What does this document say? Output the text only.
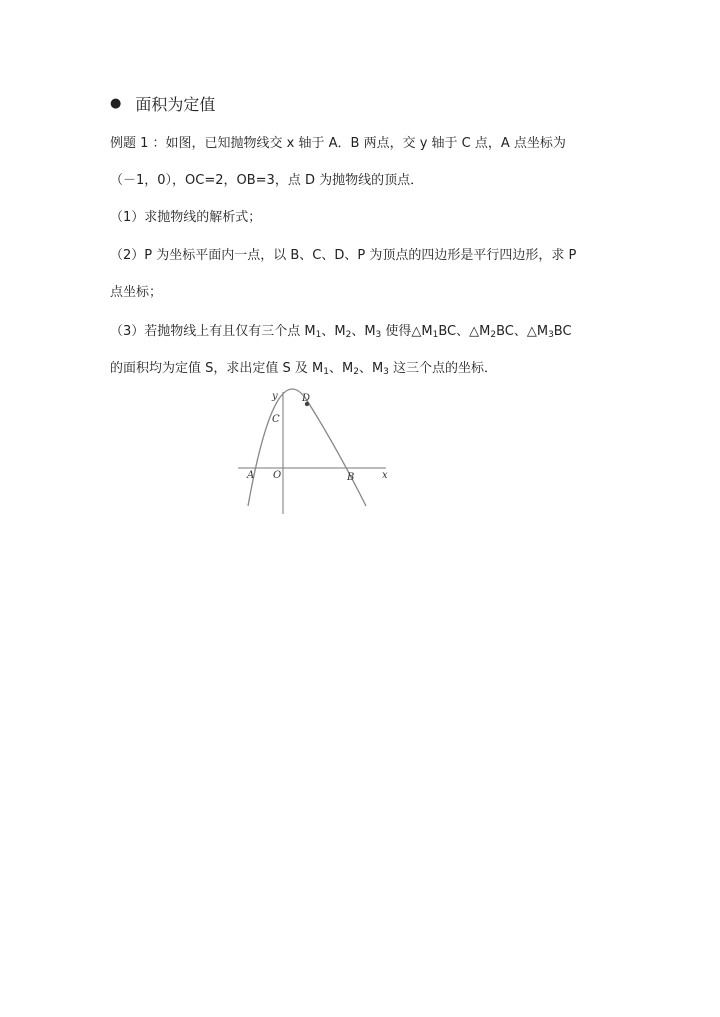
● 面积为定值
例题 1 ：如图，已知抛物线交 x 轴于 A．B 两点，交 y 轴于 C 点，A 点坐标为
（－1，0），OC=2，OB=3，点 D 为抛物线的顶点．
（1）求抛物线的解析式；
（2）P 为坐标平面内一点，以 B、C、D、P 为顶点的四边形是平行四边形，求 P
点坐标；
（3）若抛物线上有且仅有三个点 $M_1$、$M_2$、$M_3$ 使得$\triangle M_1BC$、$\triangle M_2BC$、$\triangle M_3BC$
的面积均为定值 S，求出定值 S 及 $M_1$、$M_2$、$M_3$ 这三个点的坐标．
y
x
D
C
A O	B
